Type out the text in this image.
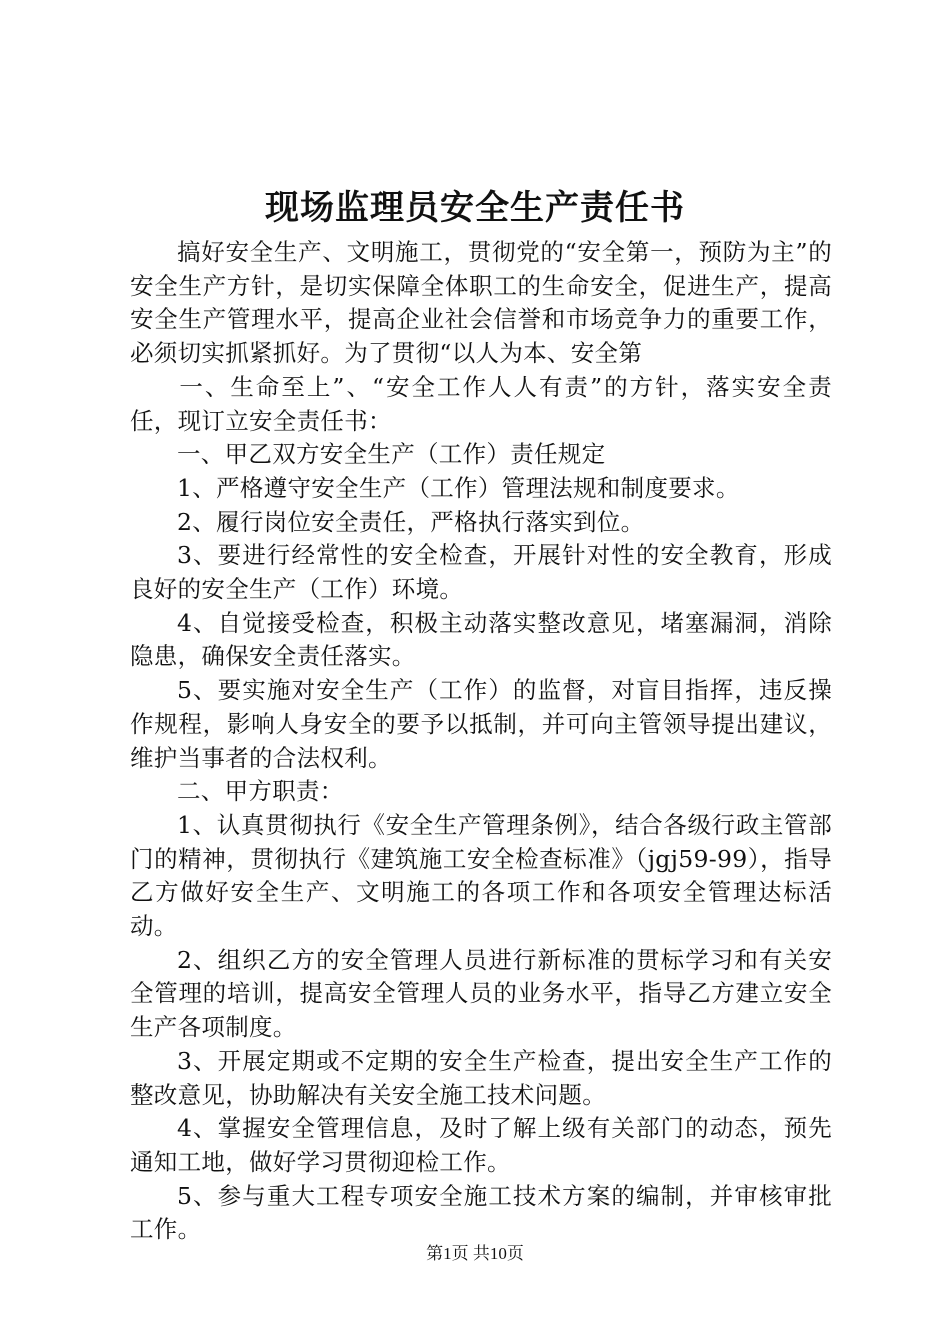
现场监理员安全生产责任书

搞好安全生产、文明施工，贯彻党的“安全第一，预防为主”的安全生产方针，是切实保障全体职工的生命安全，促进生产，提高安全生产管理水平，提高企业社会信誉和市场竞争力的重要工作，必须切实抓紧抓好。为了贯彻“以人为本、安全第

一、生命至上”、“安全工作人人有责”的方针，落实安全责任，现订立安全责任书：

一、甲乙双方安全生产（工作）责任规定

1、严格遵守安全生产（工作）管理法规和制度要求。

2、履行岗位安全责任，严格执行落实到位。

3、要进行经常性的安全检查，开展针对性的安全教育，形成良好的安全生产（工作）环境。

4、自觉接受检查，积极主动落实整改意见，堵塞漏洞，消除隐患，确保安全责任落实。

5、要实施对安全生产（工作）的监督，对盲目指挥，违反操作规程，影响人身安全的要予以抵制，并可向主管领导提出建议，维护当事者的合法权利。

二、甲方职责：

1、认真贯彻执行《安全生产管理条例》，结合各级行政主管部门的精神，贯彻执行《建筑施工安全检查标准》（jgj59-99），指导乙方做好安全生产、文明施工的各项工作和各项安全管理达标活动。

2、组织乙方的安全管理人员进行新标准的贯标学习和有关安全管理的培训，提高安全管理人员的业务水平，指导乙方建立安全生产各项制度。

3、开展定期或不定期的安全生产检查，提出安全生产工作的整改意见，协助解决有关安全施工技术问题。

4、掌握安全管理信息，及时了解上级有关部门的动态，预先通知工地，做好学习贯彻迎检工作。

5、参与重大工程专项安全施工技术方案的编制，并审核审批工作。

第1页 共10页
